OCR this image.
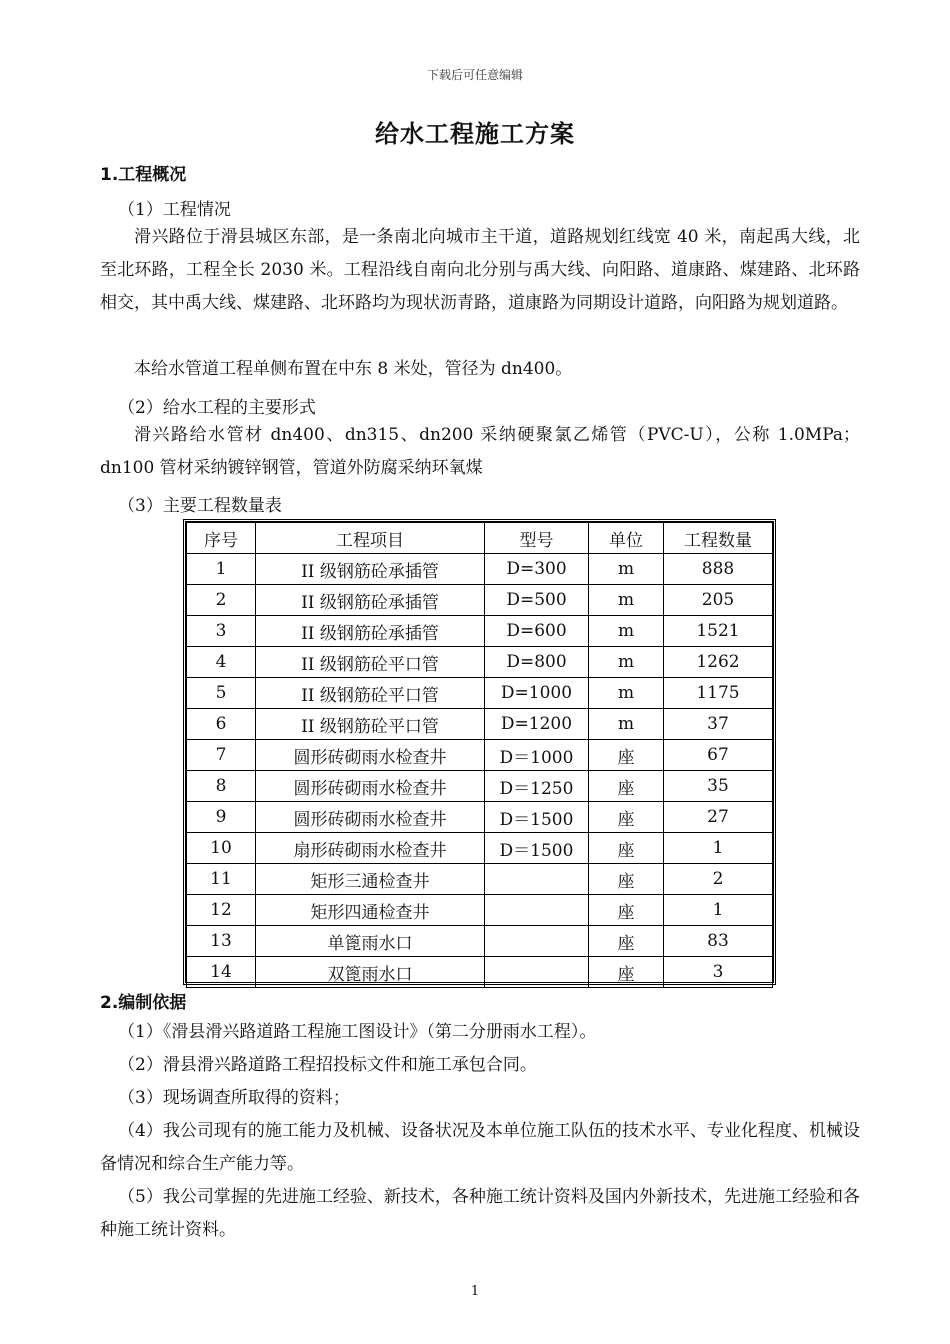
下载后可任意编辑
给水工程施工方案
1.工程概况
（1）工程情况
滑兴路位于滑县城区东部，是一条南北向城市主干道，道路规划红线宽 40 米，南起禹大线，北至北环路，工程全长 2030 米。工程沿线自南向北分别与禹大线、向阳路、道康路、煤建路、北环路相交，其中禹大线、煤建路、北环路均为现状沥青路，道康路为同期设计道路，向阳路为规划道路。
本给水管道工程单侧布置在中东 8 米处，管径为 dn400。
（2）给水工程的主要形式
滑兴路给水管材 dn400、dn315、dn200 采纳硬聚氯乙烯管（PVC-U），公称 1.0MPa；dn100 管材采纳镀锌钢管，管道外防腐采纳环氧煤
（3）主要工程数量表
序号	工程项目	型号	单位	工程数量
1	II 级钢筋砼承插管	D=300	m	888
2	II 级钢筋砼承插管	D=500	m	205
3	II 级钢筋砼承插管	D=600	m	1521
4	II 级钢筋砼平口管	D=800	m	1262
5	II 级钢筋砼平口管	D=1000	m	1175
6	II 级钢筋砼平口管	D=1200	m	37
7	圆形砖砌雨水检查井	D＝1000	座	67
8	圆形砖砌雨水检查井	D＝1250	座	35
9	圆形砖砌雨水检查井	D＝1500	座	27
10	扇形砖砌雨水检查井	D＝1500	座	1
11	矩形三通检查井		座	2
12	矩形四通检查井		座	1
13	单篦雨水口		座	83
14	双篦雨水口		座	3
2.编制依据
（1）《滑县滑兴路道路工程施工图设计》（第二分册雨水工程）。
（2）滑县滑兴路道路工程招投标文件和施工承包合同。
（3）现场调查所取得的资料；
（4）我公司现有的施工能力及机械、设备状况及本单位施工队伍的技术水平、专业化程度、机械设备情况和综合生产能力等。
（5）我公司掌握的先进施工经验、新技术，各种施工统计资料及国内外新技术，先进施工经验和各种施工统计资料。
1
